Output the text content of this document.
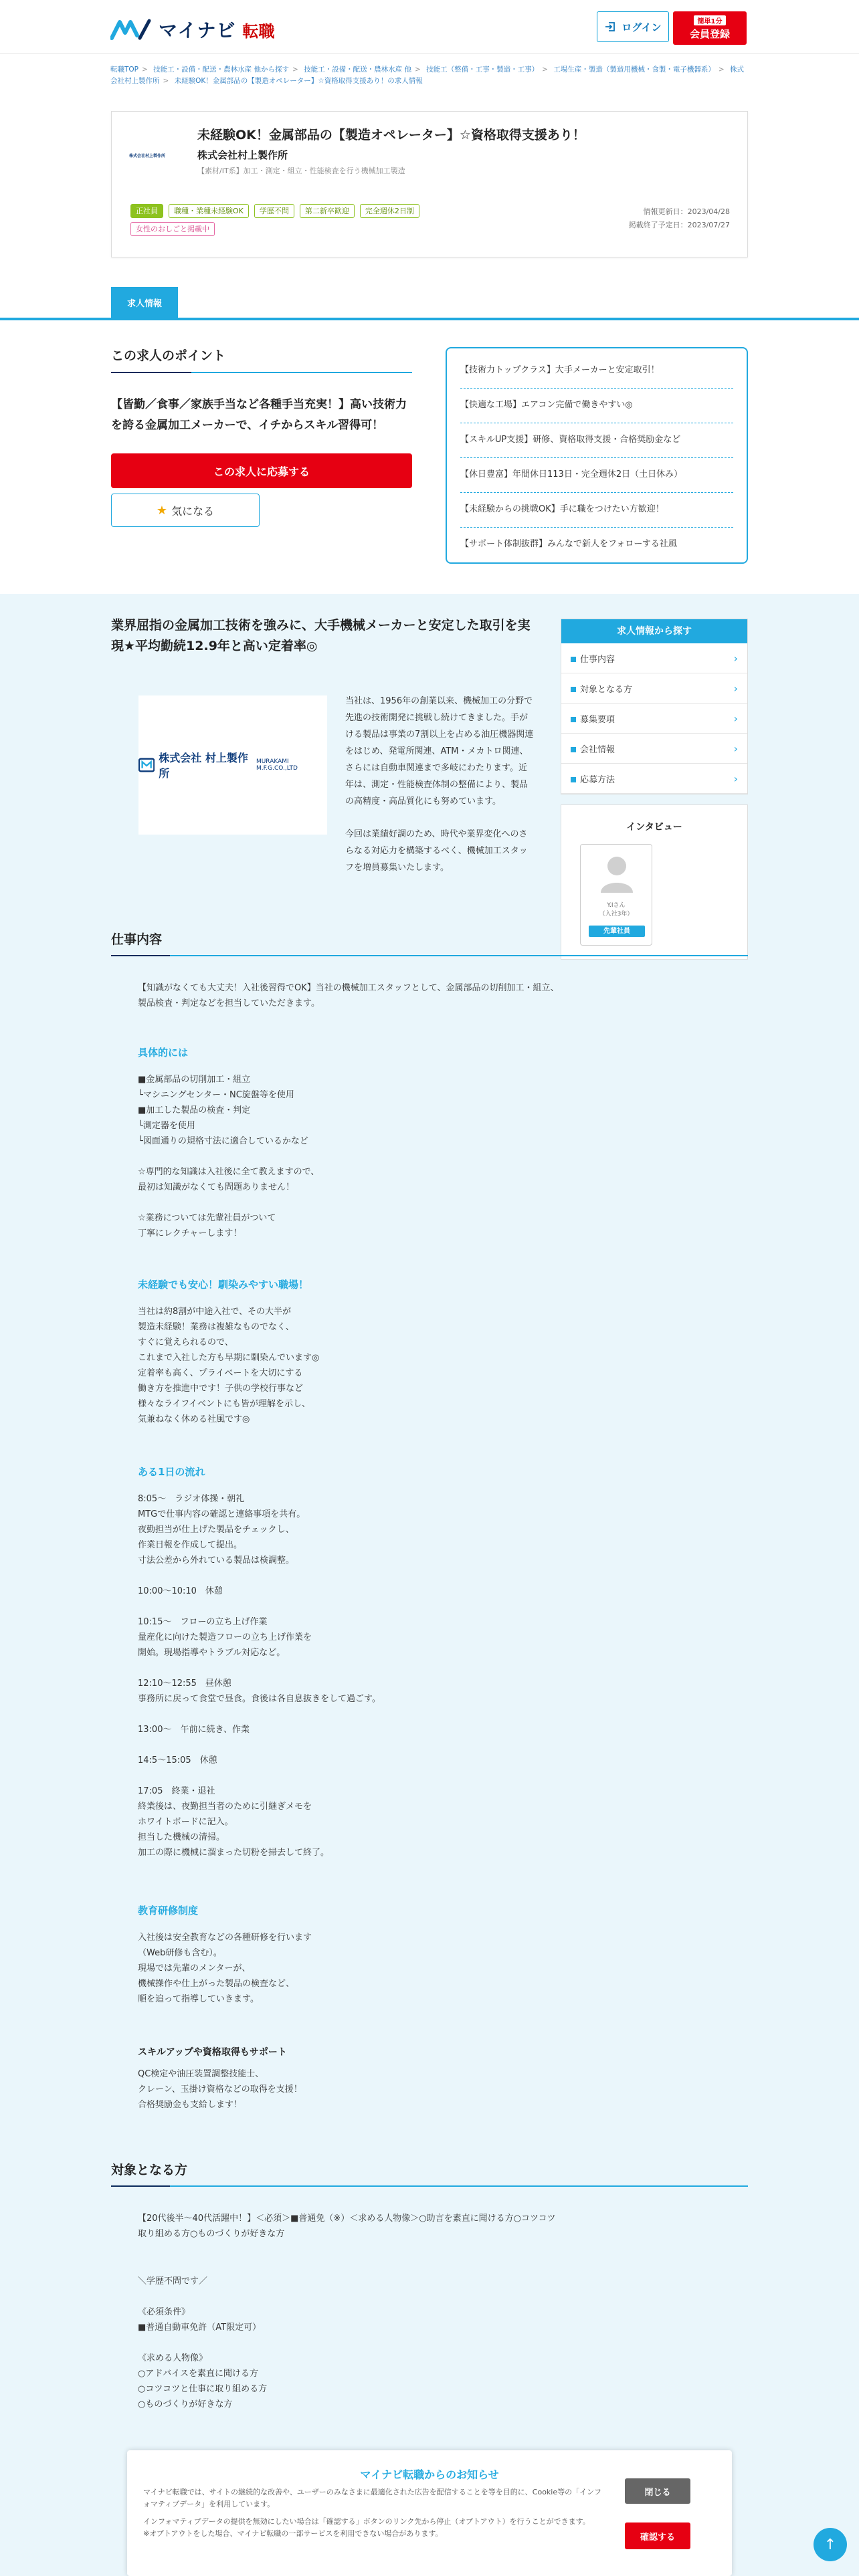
マイナビ 転職	ログイン	簡単1分
会員登録
転職TOP > 技能工・設備・配送・農林水産 他から探す > 技能工・設備・配送・農林水産 他 > 技能工（整備・工事・製造・工事） > 工場生産・製造（製造用機械・食製・電子機器系） > 株式会社村上製作所 > 未経験OK！金属部品の【製造オペレーター】☆資格取得支援あり！の求人情報
株式会社村上製作所
未経験OK！金属部品の【製造オペレーター】☆資格取得支援あり！
株式会社村上製作所
【素材/IT系】加工・測定・組立・性能検査を行う機械加工製造
正社員	職種・業種未経験OK	学歴不問	第二新卒歓迎	完全週休2日制
女性のおしごと掲載中
情報更新日：2023/04/28
掲載終了予定日：2023/07/27
求人情報
この求人のポイント
【皆勤／食事／家族手当など各種手当充実！】高い技術力を誇る金属加工メーカーで、イチからスキル習得可！
この求人に応募する
★ 気になる
【技術力トップクラス】大手メーカーと安定取引！
【快適な工場】エアコン完備で働きやすい◎
【スキルUP支援】研修、資格取得支援・合格奨励金など
【休日豊富】年間休日113日・完全週休2日（土日休み）
【未経験からの挑戦OK】手に職をつけたい方歓迎！
【サポート体制抜群】みんなで新人をフォローする社風
業界屈指の金属加工技術を強みに、大手機械メーカーと安定した取引を実現★平均勤続12.9年と高い定着率◎
株式会社 村上製作所
MURAKAMI M.F.G.CO.,LTD

当社は、1956年の創業以来、機械加工の分野で先進の技術開発に挑戦し続けてきました。手がける製品は事業の7割以上を占める油圧機器関連をはじめ、発電所関連、ATM・メカトロ関連、さらには自動車関連まで多岐にわたります。近年は、測定・性能検査体制の整備により、製品の高精度・高品質化にも努めています。

今回は業績好調のため、時代や業界変化へのさらなる対応力を構築するべく、機械加工スタッフを増員募集いたします。

求人情報から探す
仕事内容	›
対象となる方	›
募集要項	›
会社情報	›
応募方法	›
インタビュー
Y.Iさん
（入社3年）
先輩社員
仕事内容
【知識がなくても大丈夫！入社後習得でOK】当社の機械加工スタッフとして、金属部品の切削加工・組立、製品検査・判定などを担当していただきます。
具体的には
■金属部品の切削加工・組立
└マシニングセンター・NC旋盤等を使用
■加工した製品の検査・判定
└測定器を使用
└図面通りの規格寸法に適合しているかなど

☆専門的な知識は入社後に全て教えますので、
最初は知識がなくても問題ありません！

☆業務については先輩社員がついて
丁寧にレクチャーします！
未経験でも安心！馴染みやすい職場！
当社は約8割が中途入社で、その大半が
製造未経験！業務は複雑なものでなく、
すぐに覚えられるので、
これまで入社した方も早期に馴染んでいます◎
定着率も高く、プライベートを大切にする
働き方を推進中です！子供の学校行事など
様々なライフイベントにも皆が理解を示し、
気兼ねなく休める社風です◎
ある1日の流れ
8:05～　ラジオ体操・朝礼
MTGで仕事内容の確認と連絡事項を共有。
夜勤担当が仕上げた製品をチェックし、
作業日報を作成して提出。
寸法公差から外れている製品は検調整。

10:00～10:10　休憩

10:15～　フローの立ち上げ作業
量産化に向けた製造フローの立ち上げ作業を
開始。現場指導やトラブル対応など。

12:10～12:55　昼休憩
事務所に戻って食堂で昼食。食後は各自息抜きをして過ごす。

13:00～　午前に続き、作業

14:5～15:05　休憩

17:05　終業・退社
終業後は、夜勤担当者のために引継ぎメモを
ホワイトボードに記入。
担当した機械の清掃。
加工の際に機械に溜まった切粉を掃去して終了。
教育研修制度
入社後は安全教育などの各種研修を行います
（Web研修も含む）。
現場では先輩のメンターが、
機械操作や仕上がった製品の検査など、
順を追って指導していきます。
スキルアップや資格取得もサポート
QC検定や油圧装置調整技能士、
クレーン、玉掛け資格などの取得を支援！
合格奨励金も支給します！
対象となる方
【20代後半～40代活躍中！】＜必須＞■普通免（※）＜求める人物像＞○助言を素直に聞ける方○コツコツ取り組める方○ものづくりが好きな方
＼学歴不問です／

《必須条件》
■普通自動車免許（AT限定可）

《求める人物像》
○アドバイスを素直に聞ける方
○コツコツと仕事に取り組める方
○ものづくりが好きな方
マイナビ転職からのお知らせ

マイナビ転職では、サイトの継続的な改善や、ユーザーのみなさまに最適化された広告を配信することを等を目的に、Cookie等の「インフォマティブデータ」を利用しています。

インフォマティブデータの提供を無効にしたい場合は「確認する」ボタンのリンク先から停止（オプトアウト）を行うことができます。
※オプトアウトをした場合、マイナビ転職の一部サービスを利用できない場合があります。

閉じる
確認する	↑
